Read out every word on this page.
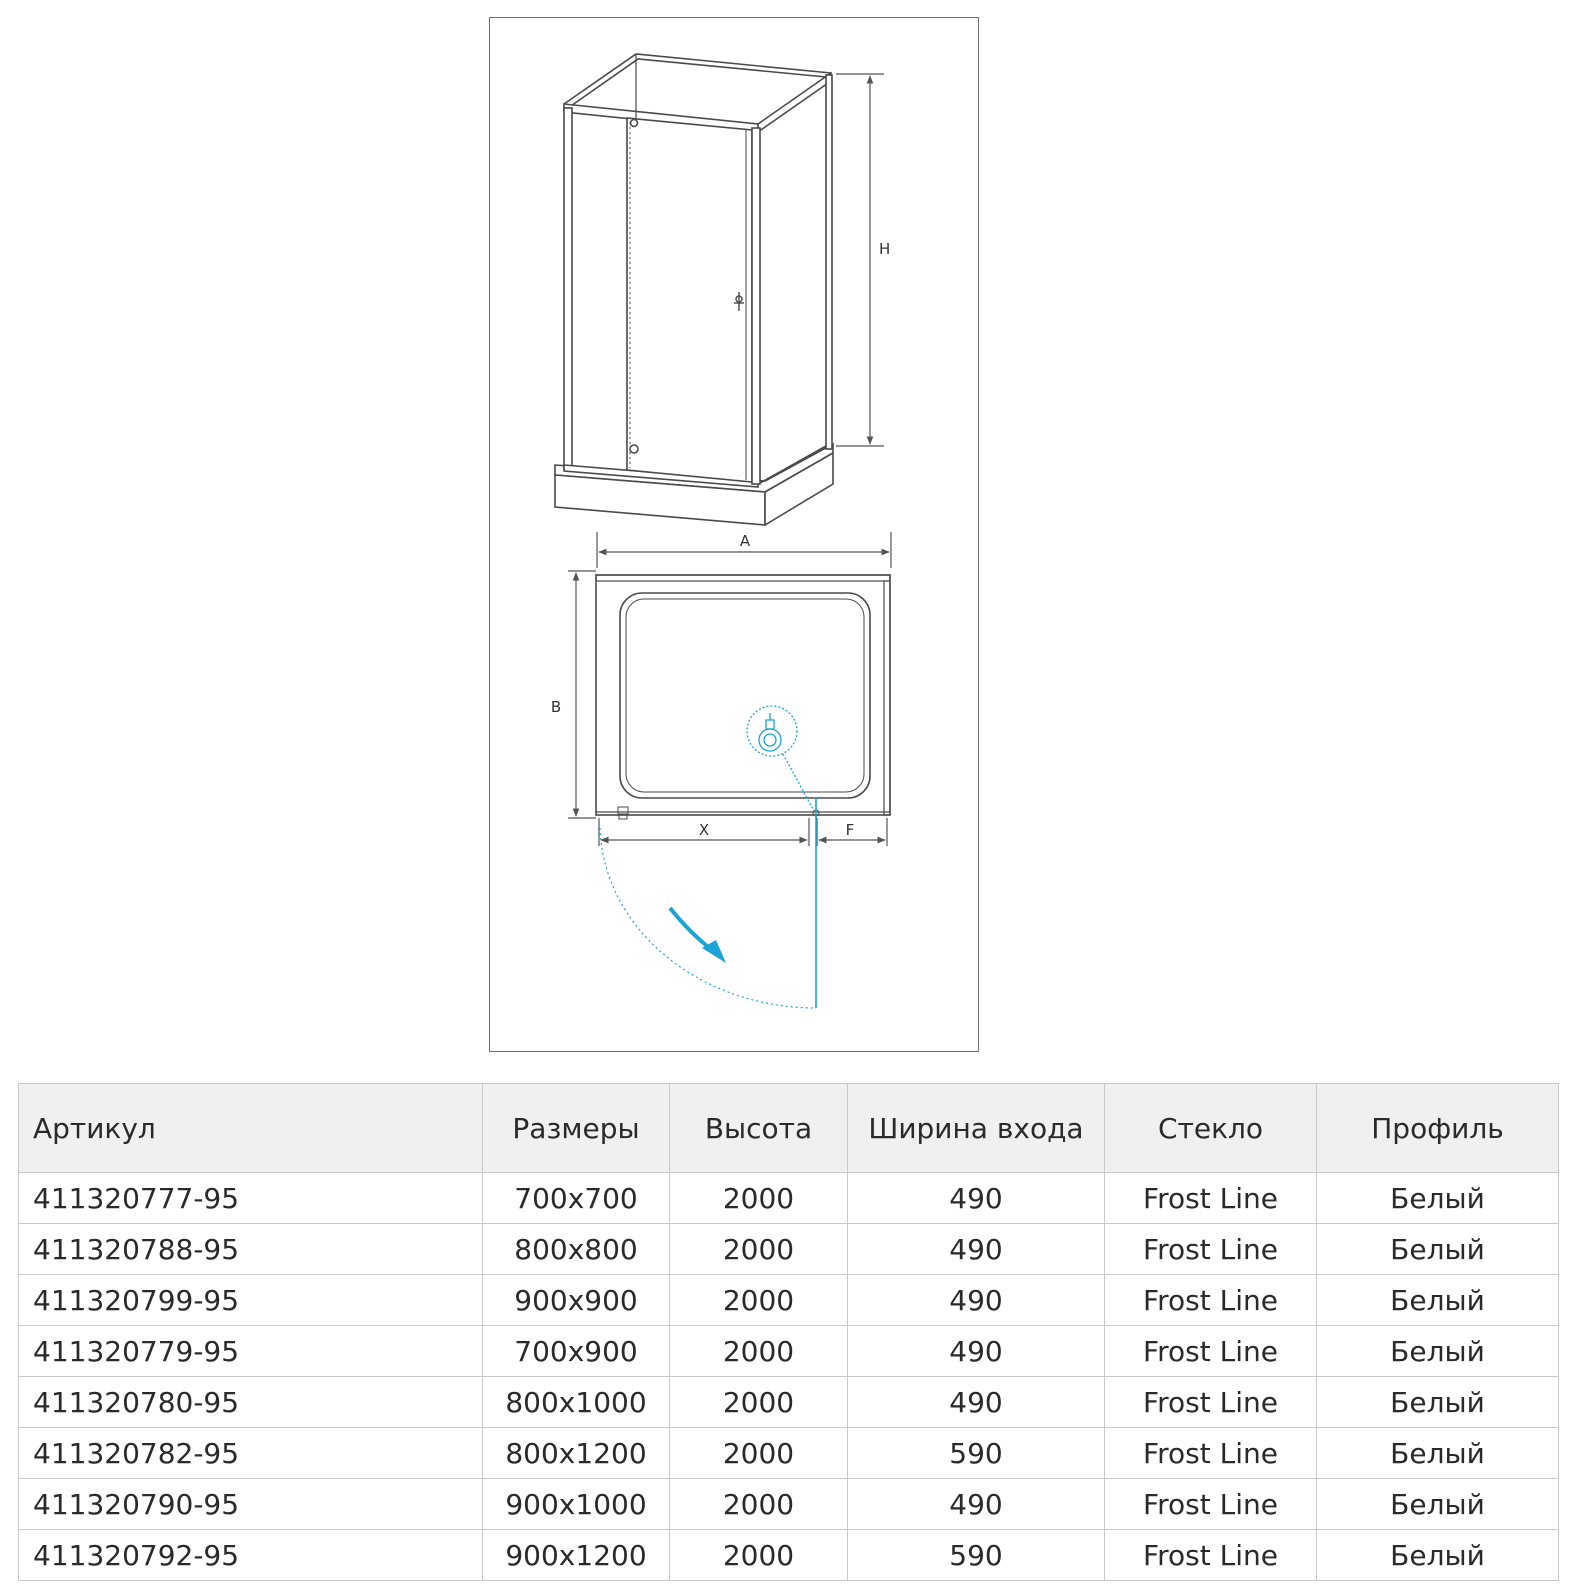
H
A
B
X	F
Артикул	Размеры	Высота	Ширина входа	Стекло	Профиль
411320777-95	700x700	2000	490	Frost Line	Белый
411320788-95	800x800	2000	490	Frost Line	Белый
411320799-95	900x900	2000	490	Frost Line	Белый
411320779-95	700x900	2000	490	Frost Line	Белый
411320780-95	800x1000	2000	490	Frost Line	Белый
411320782-95	800x1200	2000	590	Frost Line	Белый
411320790-95	900x1000	2000	490	Frost Line	Белый
411320792-95	900x1200	2000	590	Frost Line	Белый
